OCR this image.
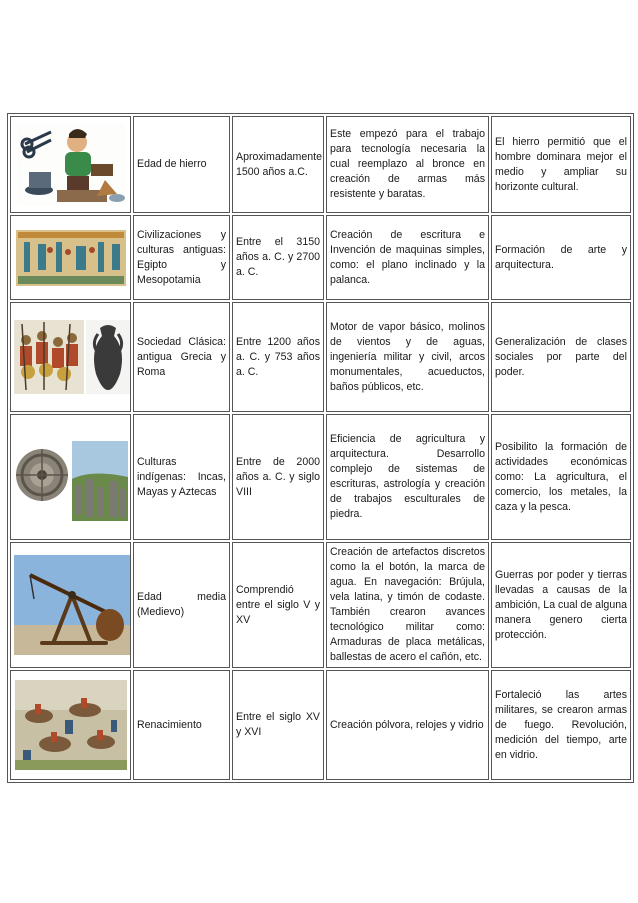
	Edad de hierro	Aproximadamente 1500 años a.C.	Este empezó para el trabajo para tecnología necesaria la cual reemplazo al bronce en creación de armas más resistente y baratas.	El hierro permitió que el hombre dominara mejor el medio y ampliar su horizonte cultural.

	Civilizaciones y culturas antiguas: Egipto y Mesopotamia	Entre el 3150 años a. C. y 2700 a. C.	Creación de escritura e Invención de maquinas simples, como: el plano inclinado y la palanca.	Formación de arte y arquitectura.

	Sociedad Clásica: antigua Grecia y Roma	Entre 1200 años a. C. y 753 años a. C.	Motor de vapor básico, molinos de vientos y de aguas, ingeniería militar y civil, arcos monumentales, acueductos, baños públicos, etc.	Generalización de clases sociales por parte del poder.

	Culturas indígenas: Incas, Mayas y Aztecas	Entre de 2000 años a. C. y siglo VIII	Eficiencia de agricultura y arquitectura. Desarrollo complejo de sistemas de escrituras, astrología y creación de trabajos esculturales de piedra.	Posibilito la formación de actividades económicas como: La agricultura, el comercio, los metales, la caza y la pesca.

	Edad media (Medievo)	Comprendió entre el siglo V y XV	Creación de artefactos discretos como la el botón, la marca de agua. En navegación: Brújula, vela latina, y timón de codaste. También crearon avances tecnológico militar como: Armaduras de placa metálicas, ballestas de acero el cañón, etc.	Guerras por poder y tierras llevadas a causas de la ambición, La cual de alguna manera genero cierta protección.

	Renacimiento	Entre el siglo XV y XVI	Creación pólvora, relojes y vidrio	Fortaleció las artes militares, se crearon armas de fuego. Revolución, medición del tiempo, arte en vidrio.
